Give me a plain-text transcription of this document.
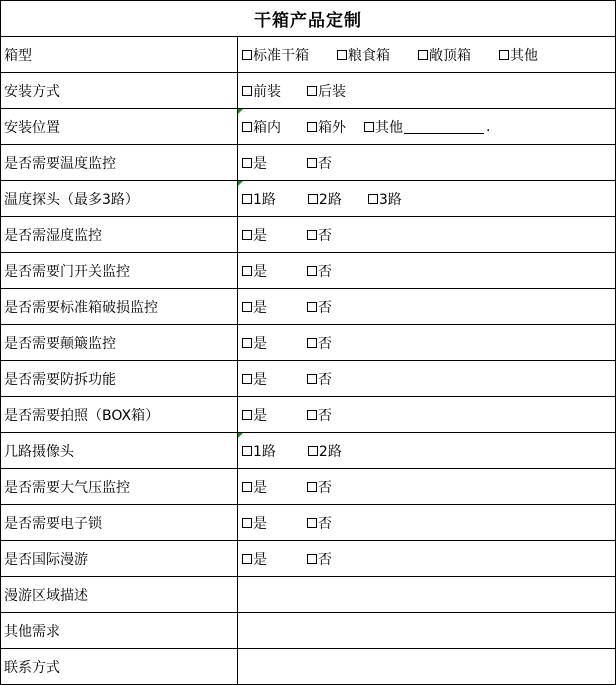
干箱产品定制
箱型	标准干箱	粮食箱	敞顶箱	其他
安装方式	前装	后装
安装位置	箱内	箱外 其他	.
是否需要温度监控	是	否
温度探头（最多3路）	1路	2路	3路
是否需湿度监控	是	否
是否需要门开关监控	是	否
是否需要标准箱破损监控	是	否
是否需要颠簸监控	是	否
是否需要防拆功能	是	否
是否需要拍照（BOX箱）	是	否
几路摄像头	1路	2路
是否需要大气压监控	是	否
是否需要电子锁	是	否
是否国际漫游	是	否
漫游区域描述
其他需求
联系方式
